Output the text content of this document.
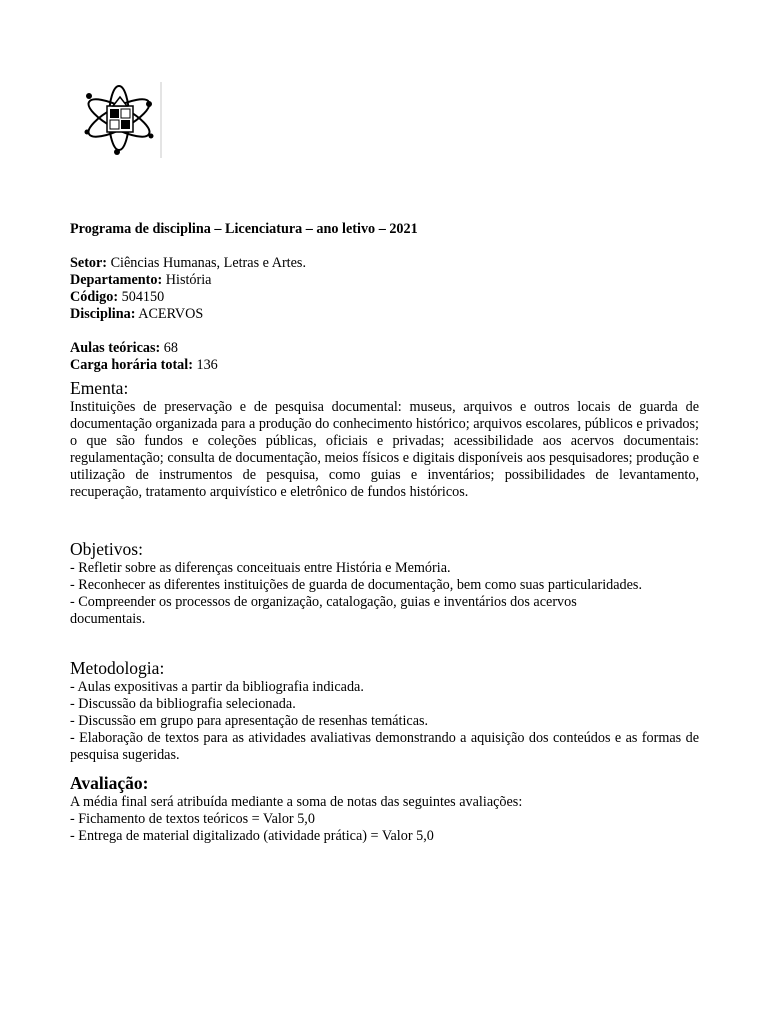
Programa de disciplina – Licenciatura – ano letivo – 2021

Setor: Ciências Humanas, Letras e Artes.

Departamento: História

Código: 504150

Disciplina: ACERVOS

Aulas teóricas: 68

Carga horária total: 136

Ementa:

Instituições de preservação e de pesquisa documental: museus, arquivos e outros locais de guarda de documentação organizada para a produção do conhecimento histórico; arquivos escolares, públicos e privados; o que são fundos e coleções públicas, oficiais e privadas; acessibilidade aos acervos documentais: regulamentação; consulta de documentação, meios físicos e digitais disponíveis aos pesquisadores; produção e utilização de instrumentos de pesquisa, como guias e inventários; possibilidades de levantamento, recuperação, tratamento arquivístico e eletrônico de fundos históricos.

Objetivos:

- Refletir sobre as diferenças conceituais entre História e Memória.

- Reconhecer as diferentes instituições de guarda de documentação, bem como suas particularidades.

- Compreender os processos de organização, catalogação, guias e inventários dos acervos documentais.

Metodologia:

- Aulas expositivas a partir da bibliografia indicada.

- Discussão da bibliografia selecionada.

- Discussão em grupo para apresentação de resenhas temáticas.

- Elaboração de textos para as atividades avaliativas demonstrando a aquisição dos conteúdos e as formas de pesquisa sugeridas.

Avaliação:

A média final será atribuída mediante a soma de notas das seguintes avaliações:

- Fichamento de textos teóricos = Valor 5,0

- Entrega de material digitalizado (atividade prática) = Valor 5,0
